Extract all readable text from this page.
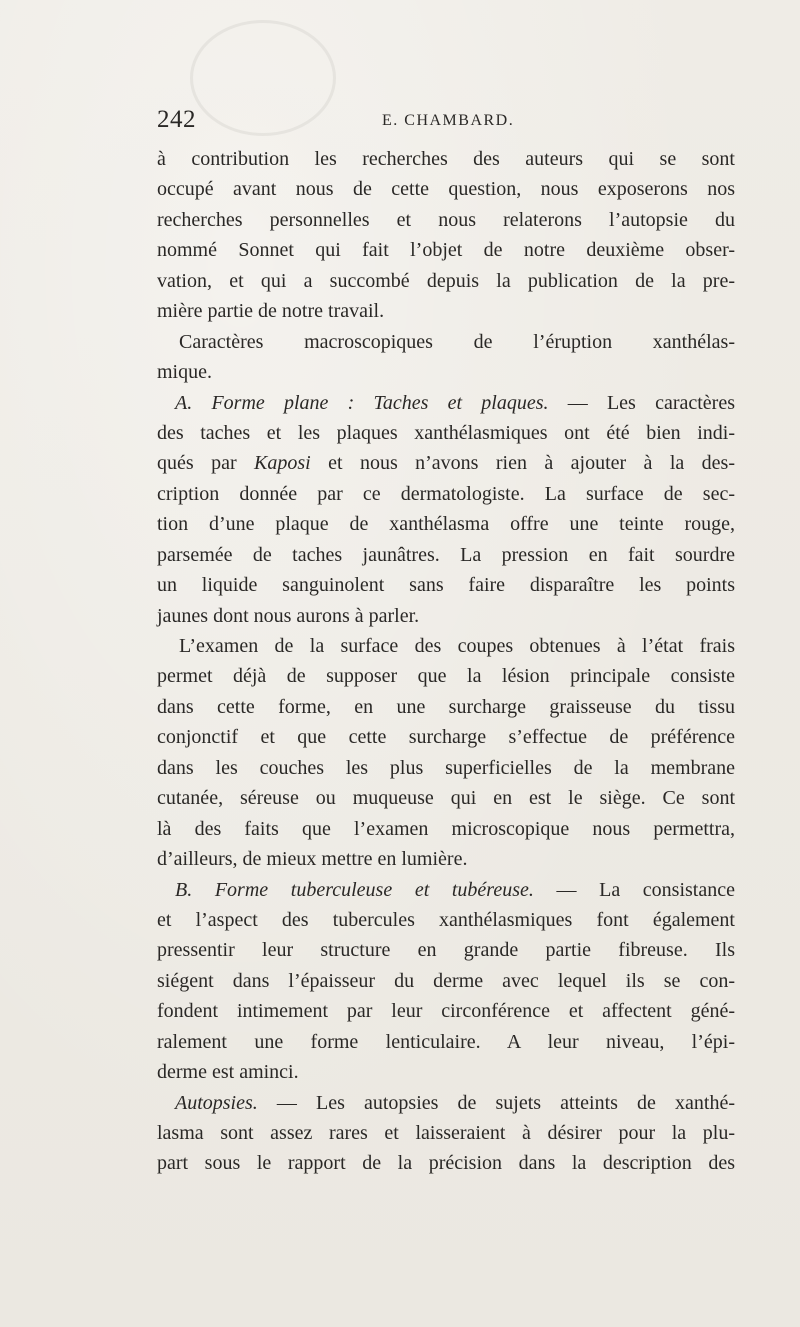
242	E. CHAMBARD.
à contribution les recherches des auteurs qui se sont
occupé avant nous de cette question, nous exposerons nos
recherches personnelles et nous relaterons l’autopsie du
nommé Sonnet qui fait l’objet de notre deuxième obser-
vation, et qui a succombé depuis la publication de la pre-
mière partie de notre travail.
Caractères macroscopiques de l’éruption xanthélas-
mique.
A. Forme plane : Taches et plaques. — Les caractères
des taches et les plaques xanthélasmiques ont été bien indi-
qués par Kaposi et nous n’avons rien à ajouter à la des-
cription donnée par ce dermatologiste. La surface de sec-
tion d’une plaque de xanthélasma offre une teinte rouge,
parsemée de taches jaunâtres. La pression en fait sourdre
un liquide sanguinolent sans faire disparaître les points
jaunes dont nous aurons à parler.
L’examen de la surface des coupes obtenues à l’état frais
permet déjà de supposer que la lésion principale consiste
dans cette forme, en une surcharge graisseuse du tissu
conjonctif et que cette surcharge s’effectue de préférence
dans les couches les plus superficielles de la membrane
cutanée, séreuse ou muqueuse qui en est le siège. Ce sont
là des faits que l’examen microscopique nous permettra,
d’ailleurs, de mieux mettre en lumière.
B. Forme tuberculeuse et tubéreuse. — La consistance
et l’aspect des tubercules xanthélasmiques font également
pressentir leur structure en grande partie fibreuse. Ils
siégent dans l’épaisseur du derme avec lequel ils se con-
fondent intimement par leur circonférence et affectent géné-
ralement une forme lenticulaire. A leur niveau, l’épi-
derme est aminci.
Autopsies. — Les autopsies de sujets atteints de xanthé-
lasma sont assez rares et laisseraient à désirer pour la plu-
part sous le rapport de la précision dans la description des
